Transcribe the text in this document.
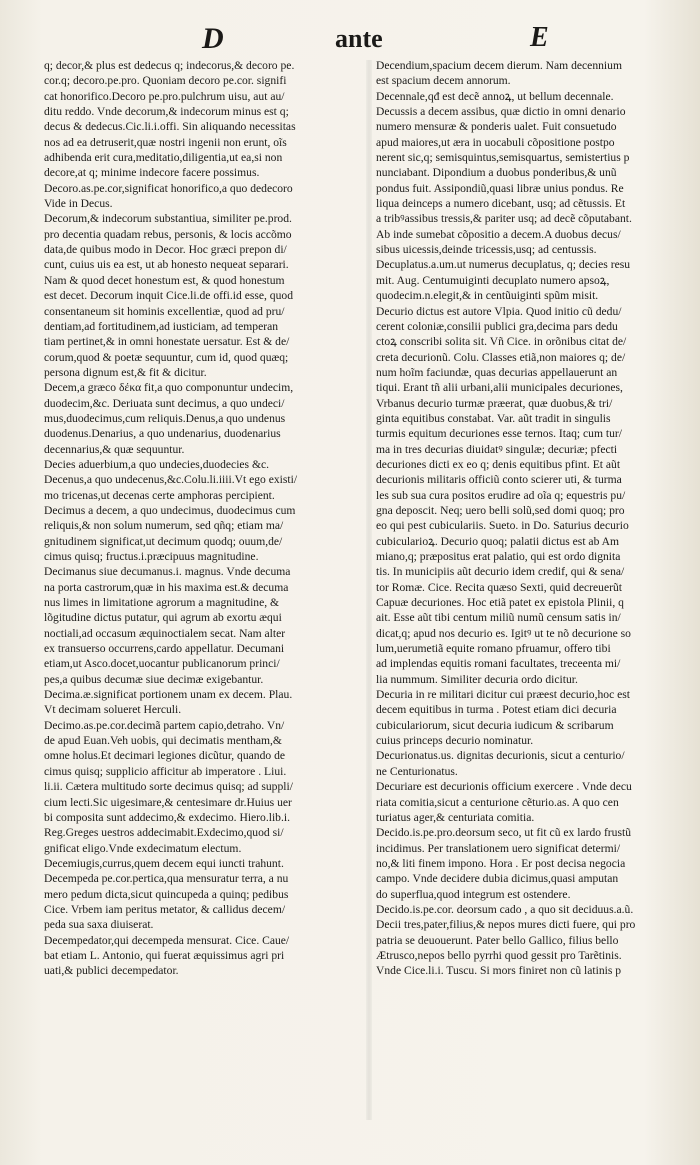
D	ante	E
q; decor,& plus est dedecus q; indecorus,& decoro pe.
cor.q; decoro.pe.pro. Quoniam decoro pe.cor. signifi
cat honorifico.Decoro pe.pro.pulchrum uisu, aut au/
ditu reddo. Vnde decorum,& indecorum minus est q;
decus & dedecus.Cic.li.i.offi. Sin aliquando necessitas
nos ad ea detruserit,quæ nostri ingenii non erunt, oĩs
adhibenda erit cura,meditatio,diligentia,ut ea,si non
decore,at q; minime indecore facere possimus.
Decoro.as.pe.cor,significat honorifico,a quo dedecoro
Vide in Decus.
Decorum,& indecorum substantiua, similiter pe.prod.
pro decentia quadam rebus, personis, & locis accõmo
data,de quibus modo in Decor. Hoc græci prepon di/
cunt, cuius uis ea est, ut ab honesto nequeat separari.
Nam & quod decet honestum est, & quod honestum
est decet. Decorum inquit Cice.li.de offi.id esse, quod
consentaneum sit hominis excellentiæ, quod ad pru/
dentiam,ad fortitudinem,ad iusticiam, ad temperan
tiam pertinet,& in omni honestate uersatur. Est & de/
corum,quod & poetæ sequuntur, cum id, quod quæq;
persona dignum est,& fit & dicitur.
Decem,a græco δέκα fit,a quo componuntur undecim,
duodecim,&c. Deriuata sunt decimus, a quo undeci/
mus,duodecimus,cum reliquis.Denus,a quo undenus
duodenus.Denarius, a quo undenarius, duodenarius
decennarius,& quæ sequuntur.
Decies aduerbium,a quo undecies,duodecies &c.
Decenus,a quo undecenus,&c.Colu.li.iiii.Vt ego existi/
mo tricenas,ut decenas certe amphoras percipient.
Decimus a decem, a quo undecimus, duodecimus cum
reliquis,& non solum numerum, sed qñq; etiam ma/
gnitudinem significat,ut decimum quodq; ouum,de/
cimus quisq; fructus.i.præcipuus magnitudine.
Decimanus siue decumanus.i. magnus. Vnde decuma
na porta castrorum,quæ in his maxima est.& decuma
nus limes in limitatione agrorum a magnitudine, &
lõgitudine dictus putatur, qui agrum ab exortu æqui
noctiali,ad occasum æquinoctialem secat. Nam alter
ex transuerso occurrens,cardo appellatur. Decumani
etiam,ut Asco.docet,uocantur publicanorum princi/
pes,a quibus decumæ siue decimæ exigebantur.
Decima.æ.significat portionem unam ex decem. Plau.
Vt decimam solueret Herculi.
Decimo.as.pe.cor.decimã partem capio,detraho. Vn/
de apud Euan.Veh uobis, qui decimatis mentham,&
omne holus.Et decimari legiones dicũtur, quando de
cimus quisq; supplicio afficitur ab imperatore . Liui.
li.ii. Cætera multitudo sorte decimus quisq; ad suppli/
cium lecti.Sic uigesimare,& centesimare dr.Huius uer
bi composita sunt addecimo,& exdecimo. Hiero.lib.i.
Reg.Greges uestros addecimabit.Exdecimo,quod si/
gnificat eligo.Vnde exdecimatum electum.
Decemiugis,currus,quem decem equi iuncti trahunt.
Decempeda pe.cor.pertica,qua mensuratur terra, a nu
mero pedum dicta,sicut quincupeda a quinq; pedibus
Cice. Vrbem iam peritus metator, & callidus decem/
peda sua saxa diuiserat.
Decempedator,qui decempeda mensurat. Cice. Caue/
bat etiam L. Antonio, qui fuerat æquissimus agri pri
uati,& publici decempedator.
Decendium,spacium decem dierum. Nam decennium
est spacium decem annorum.
Decennale,qđ est decẽ annoꝝ, ut bellum decennale.
Decussis a decem assibus, quæ dictio in omni denario
numero mensuræ & ponderis ualet. Fuit consuetudo
apud maiores,ut æra in uocabuli cõpositione postpo
nerent sic,q; semisquintus,semisquartus, semistertius p
nunciabant. Dipondium a duobus ponderibus,& unũ
pondus fuit. Assipondiũ,quasi libræ unius pondus. Re
liqua deinceps a numero dicebant, usq; ad cẽtussis. Et
a tribꝰassibus tressis,& pariter usq; ad decẽ cõputabant.
Ab inde sumebat cõpositio a decem.A duobus decus/
sibus uicessis,deinde tricessis,usq; ad centussis.
Decuplatus.a.um.ut numerus decuplatus, q; decies resu
mit. Aug. Centumuiginti decuplato numero apsoꝝ,
quodecim.n.elegit,& in centũuiginti spũm misit.
Decurio dictus est autore Vlpia. Quod initio cũ dedu/
cerent coloniæ,consilii publici gra,decima pars dedu
ctoꝝ conscribi solita sit. Vñ Cice. in orõnibus citat de/
creta decurionũ. Colu. Classes etiã,non maiores q; de/
num hoĩm faciundæ, quas decurias appellauerunt an
tiqui. Erant tñ alii urbani,alii municipales decuriones,
Vrbanus decurio turmæ præerat, quæ duobus,& tri/
ginta equitibus constabat. Var. aũt tradit in singulis
turmis equitum decuriones esse ternos. Itaq; cum tur/
ma in tres decurias diuidatꝰ singulæ; decuriæ; pfecti
decuriones dicti ex eo q; denis equitibus pfint. Et aũt
decurionis militaris officiũ conto scierer uti, & turma
les sub sua cura positos erudire ad oĩa q; equestris pu/
gna deposcit. Neq; uero belli solũ,sed domi quoq; pro
eo qui pest cubiculariis. Sueto. in Do. Saturius decurio
cubicularioꝝ. Decurio quoq; palatii dictus est ab Am
miano,q; præpositus erat palatio, qui est ordo dignita
tis. In municipiis aũt decurio idem credif, qui & sena/
tor Romæ. Cice. Recita quæso Sexti, quid decreuerũt
Capuæ decuriones. Hoc etiã patet ex epistola Plinii, q
ait. Esse aũt tibi centum miliũ numũ censum satis in/
dicat,q; apud nos decurio es. Igitꝰ ut te nõ decurione so
lum,uerumetiã equite romano pfruamur, offero tibi
ad implendas equitis romani facultates, treceenta mi/
lia nummum. Similiter decuria ordo dicitur.
Decuria in re militari dicitur cui præest decurio,hoc est
decem equitibus in turma . Potest etiam dici decuria
cubiculariorum, sicut decuria iudicum & scribarum
cuius princeps decurio nominatur.
Decurionatus.us. dignitas decurionis, sicut a centurio/
ne Centurionatus.
Decuriare est decurionis officium exercere . Vnde decu
riata comitia,sicut a centurione cẽturio.as. A quo cen
turiatus ager,& centuriata comitia.
Decido.is.pe.pro.deorsum seco, ut fit cũ ex lardo frustũ
incidimus. Per translationem uero significat determi/
no,& liti finem impono. Hora . Er post decisa negocia
campo. Vnde decidere dubia dicimus,quasi amputan
do superflua,quod integrum est ostendere.
Decido.is.pe.cor. deorsum cado , a quo sit deciduus.a.ũ.
Decii tres,pater,filius,& nepos mures dicti fuere, qui pro
patria se deuouerunt. Pater bello Gallico, filius bello
Ætrusco,nepos bello pyrrhi quod gessit pro Tarẽtinis.
Vnde Cice.li.i. Tuscu. Si mors finiret non cũ latinis p
